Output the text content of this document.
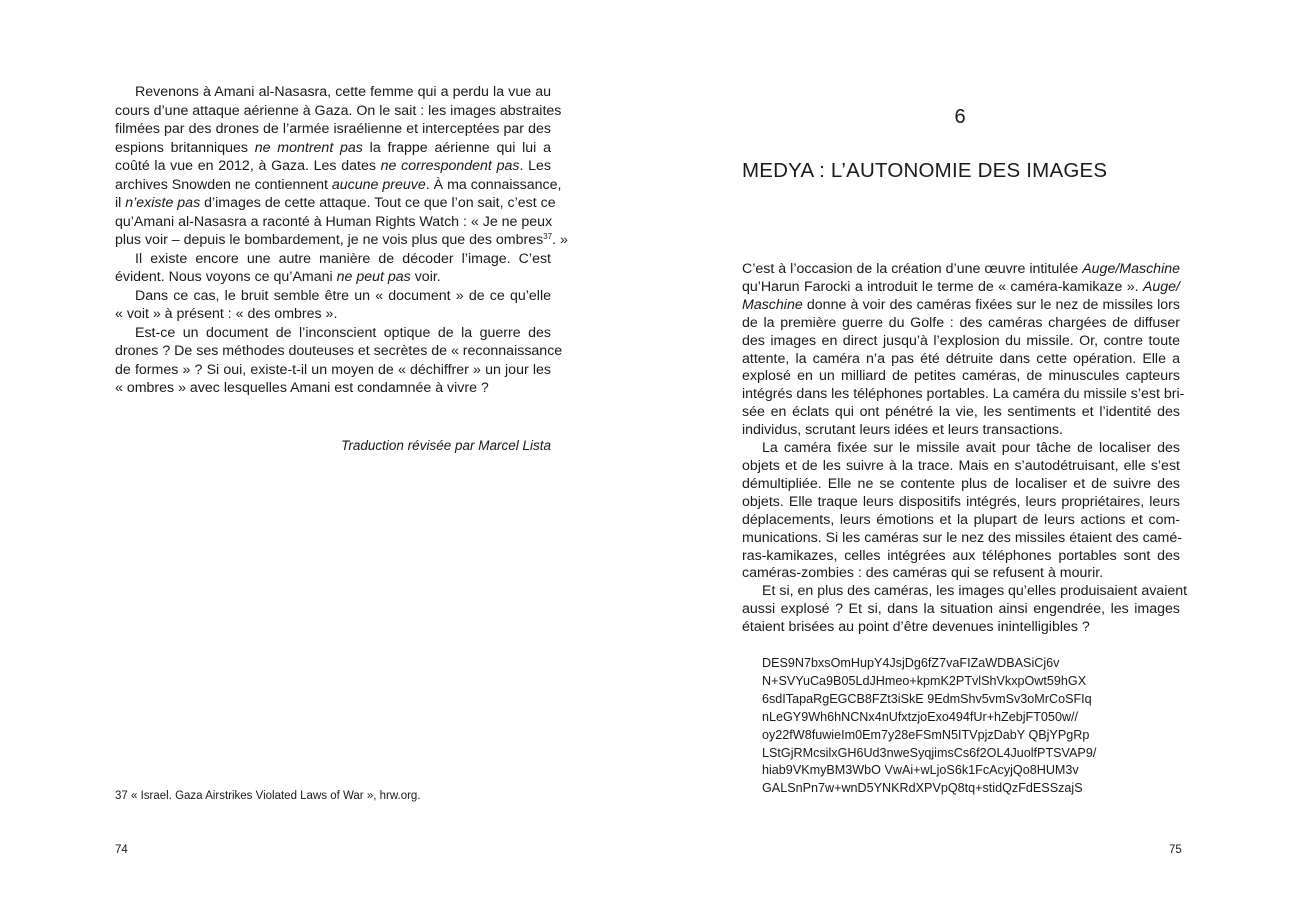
Revenons à Amani al-Nasasra, cette femme qui a perdu la vue au
cours d’une attaque aérienne à Gaza. On le sait : les images abstraites
filmées par des drones de l’armée israélienne et interceptées par des
espions britanniques ne montrent pas la frappe aérienne qui lui a
coûté la vue en 2012, à Gaza. Les dates ne correspondent pas. Les
archives Snowden ne contiennent aucune preuve. À ma connaissance,
il n’existe pas d’images de cette attaque. Tout ce que l’on sait, c’est ce
qu’Amani al-Nasasra a raconté à Human Rights Watch : « Je ne peux
plus voir – depuis le bombardement, je ne vois plus que des ombres$^{37}$. »
Il existe encore une autre manière de décoder l’image. C’est
évident. Nous voyons ce qu’Amani ne peut pas voir.
Dans ce cas, le bruit semble être un « document » de ce qu’elle
« voit » à présent : « des ombres ».
Est-ce un document de l’inconscient optique de la guerre des
drones ? De ses méthodes douteuses et secrètes de « reconnaissance
de formes » ? Si oui, existe-t-il un moyen de « déchiffrer » un jour les
« ombres » avec lesquelles Amani est condamnée à vivre ?
Traduction révisée par Marcel Lista
37 « Israel. Gaza Airstrikes Violated Laws of War », hrw.org.
74
6
MEDYA : L’AUTONOMIE DES IMAGES
C’est à l’occasion de la création d’une œuvre intitulée Auge/Maschine
qu’Harun Farocki a introduit le terme de « caméra-kamikaze ». Auge/
Maschine donne à voir des caméras fixées sur le nez de missiles lors
de la première guerre du Golfe : des caméras chargées de diffuser
des images en direct jusqu’à l’explosion du missile. Or, contre toute
attente, la caméra n’a pas été détruite dans cette opération. Elle a
explosé en un milliard de petites caméras, de minuscules capteurs
intégrés dans les téléphones portables. La caméra du missile s’est bri-
sée en éclats qui ont pénétré la vie, les sentiments et l’identité des
individus, scrutant leurs idées et leurs transactions.
La caméra fixée sur le missile avait pour tâche de localiser des
objets et de les suivre à la trace. Mais en s’autodétruisant, elle s’est
démultipliée. Elle ne se contente plus de localiser et de suivre des
objets. Elle traque leurs dispositifs intégrés, leurs propriétaires, leurs
déplacements, leurs émotions et la plupart de leurs actions et com-
munications. Si les caméras sur le nez des missiles étaient des camé-
ras-kamikazes, celles intégrées aux téléphones portables sont des
caméras-zombies : des caméras qui se refusent à mourir.
Et si, en plus des caméras, les images qu’elles produisaient avaient
aussi explosé ? Et si, dans la situation ainsi engendrée, les images
étaient brisées au point d’être devenues inintelligibles ?
DES9N7bxsOmHupY4JsjDg6fZ7vaFIZaWDBASiCj6v
N+SVYuCa9B05LdJHmeo+kpmK2PTvlShVkxpOwt59hGX
6sdITapaRgEGCB8FZt3iSkE 9EdmShv5vmSv3oMrCoSFIq
nLeGY9Wh6hNCNx4nUfxtzjoExo494fUr+hZebjFT050w//
oy22fW8fuwieIm0Em7y28eFSmN5ITVpjzDabY QBjYPgRp
LStGjRMcsilxGH6Ud3nweSyqjimsCs6f2OL4JuolfPTSVAP9/
hiab9VKmyBM3WbO VwAi+wLjoS6k1FcAcyjQo8HUM3v
GALSnPn7w+wnD5YNKRdXPVpQ8tq+stidQzFdESSzajS
75
